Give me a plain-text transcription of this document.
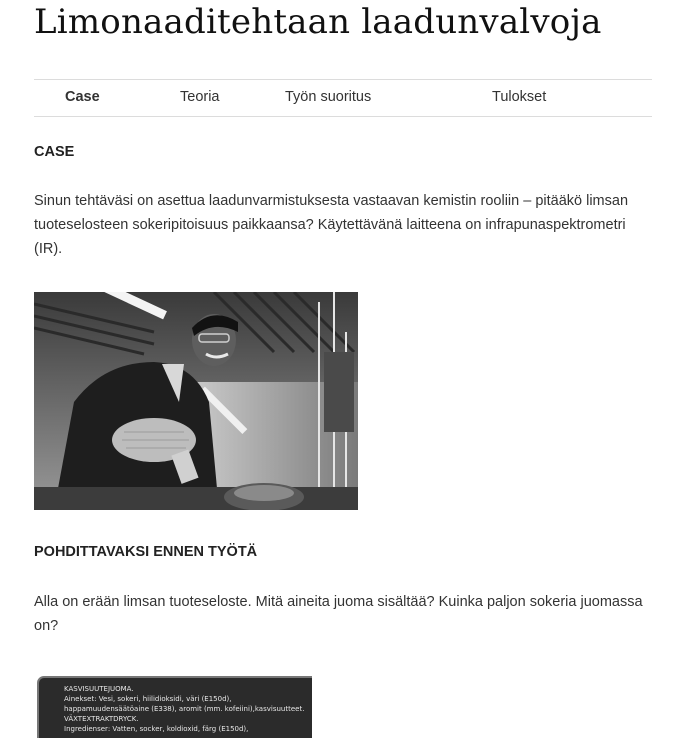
Limonaaditehtaan laadunvalvoja
Case	Teoria	Työn suoritus	Tulokset
CASE

Sinun tehtäväsi on asettua laadunvarmistuksesta vastaavan kemistin rooliin – pitääkö limsan tuoteselosteen sokeripitoisuus paikkaansa? Käytettävänä laitteena on infrapunaspektrometri (IR).

POHDITTAVAKSI ENNEN TYÖTÄ

Alla on erään limsan tuoteseloste. Mitä aineita juoma sisältää? Kuinka paljon sokeria juomassa on?

KASVISUUTEJUOMA.
Ainekset: Vesi, sokeri, hiilidioksidi, väri (E150d),
happamuudensäätöaine (E338), aromit (mm. kofeiini),kasvisuutteet.
VÄXTEXTRAKTDRYCK.
Ingredienser: Vatten, socker, koldioxid, färg (E150d),
